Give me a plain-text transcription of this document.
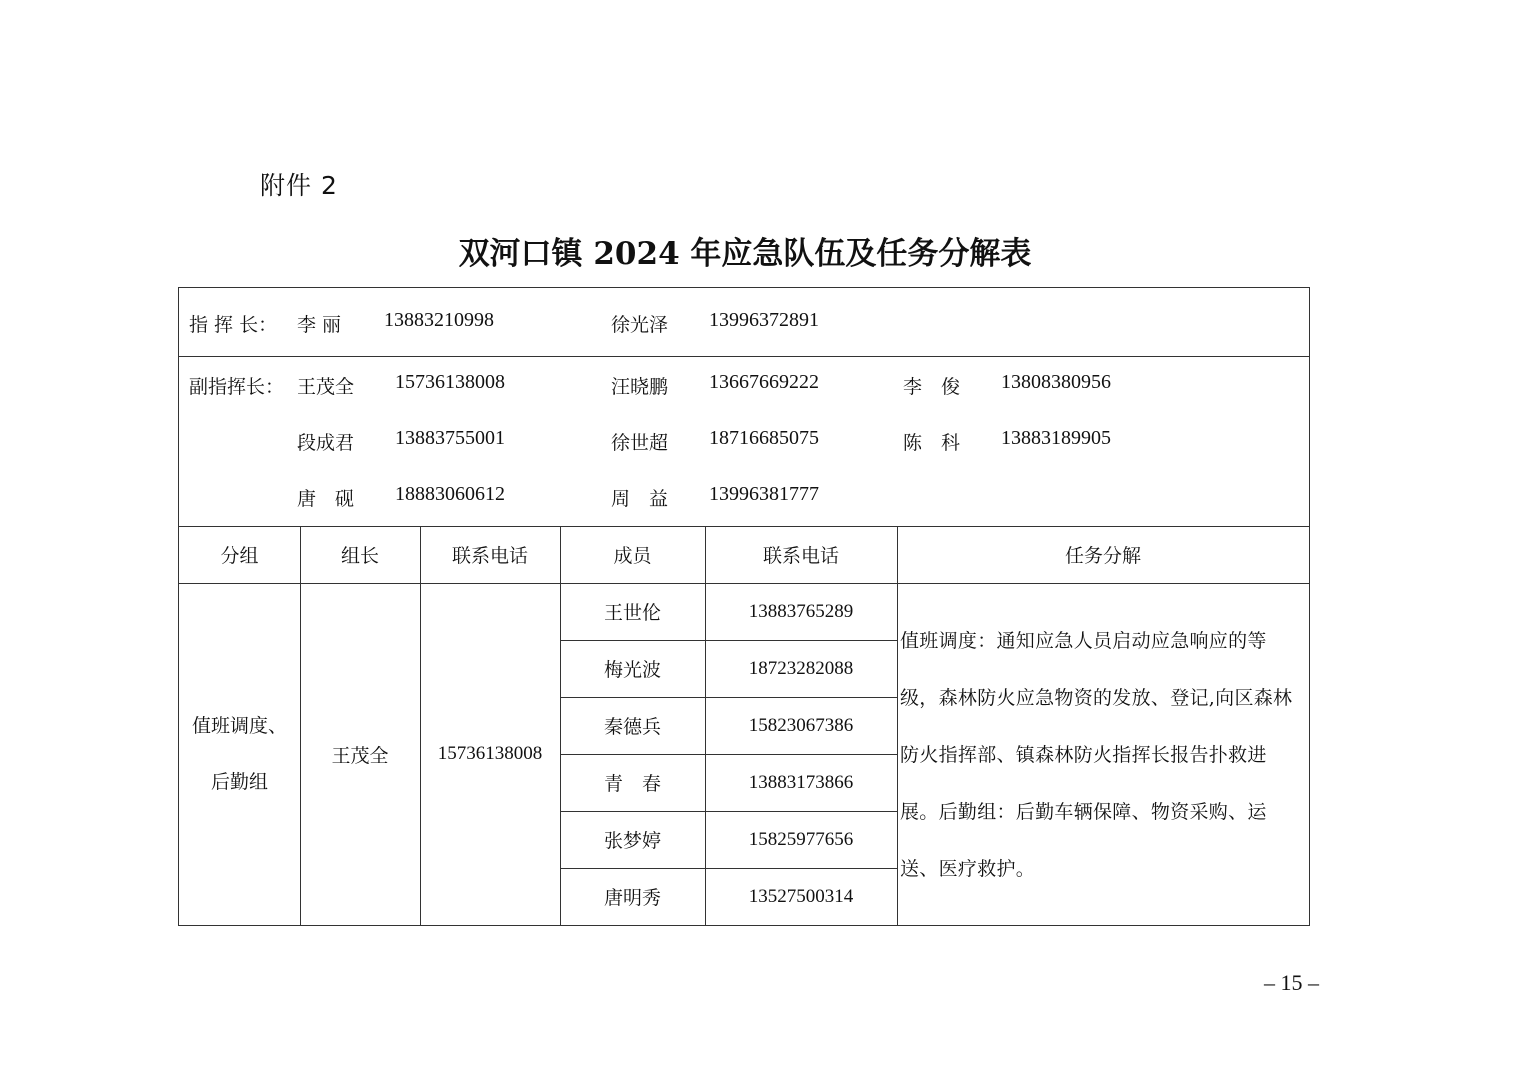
附件 2
双河口镇 2024 年应急队伍及任务分解表
指 挥 长： 李 丽 13883210998	徐光泽 13996372891
副指挥长： 王茂全 15736138008	汪晓鹏 13667669222	李　俊 13808380956
段成君 13883755001	徐世超 18716685075	陈　科 13883189905
唐　砚 18883060612	周　益 13996381777
分组	组长	联系电话	成员	联系电话	任务分解
值班调度、
后勤组
王茂全	15736138008
王世伦	13883765289
梅光波	18723282088
秦德兵	15823067386
青　春	13883173866
张梦婷	15825977656
唐明秀	13527500314
值班调度：通知应急人员启动应急响应的等级，森林防火应急物资的发放、登记,向区森林防火指挥部、镇森林防火指挥长报告扑救进展。后勤组：后勤车辆保障、物资采购、运送、医疗救护。
– 15 –
